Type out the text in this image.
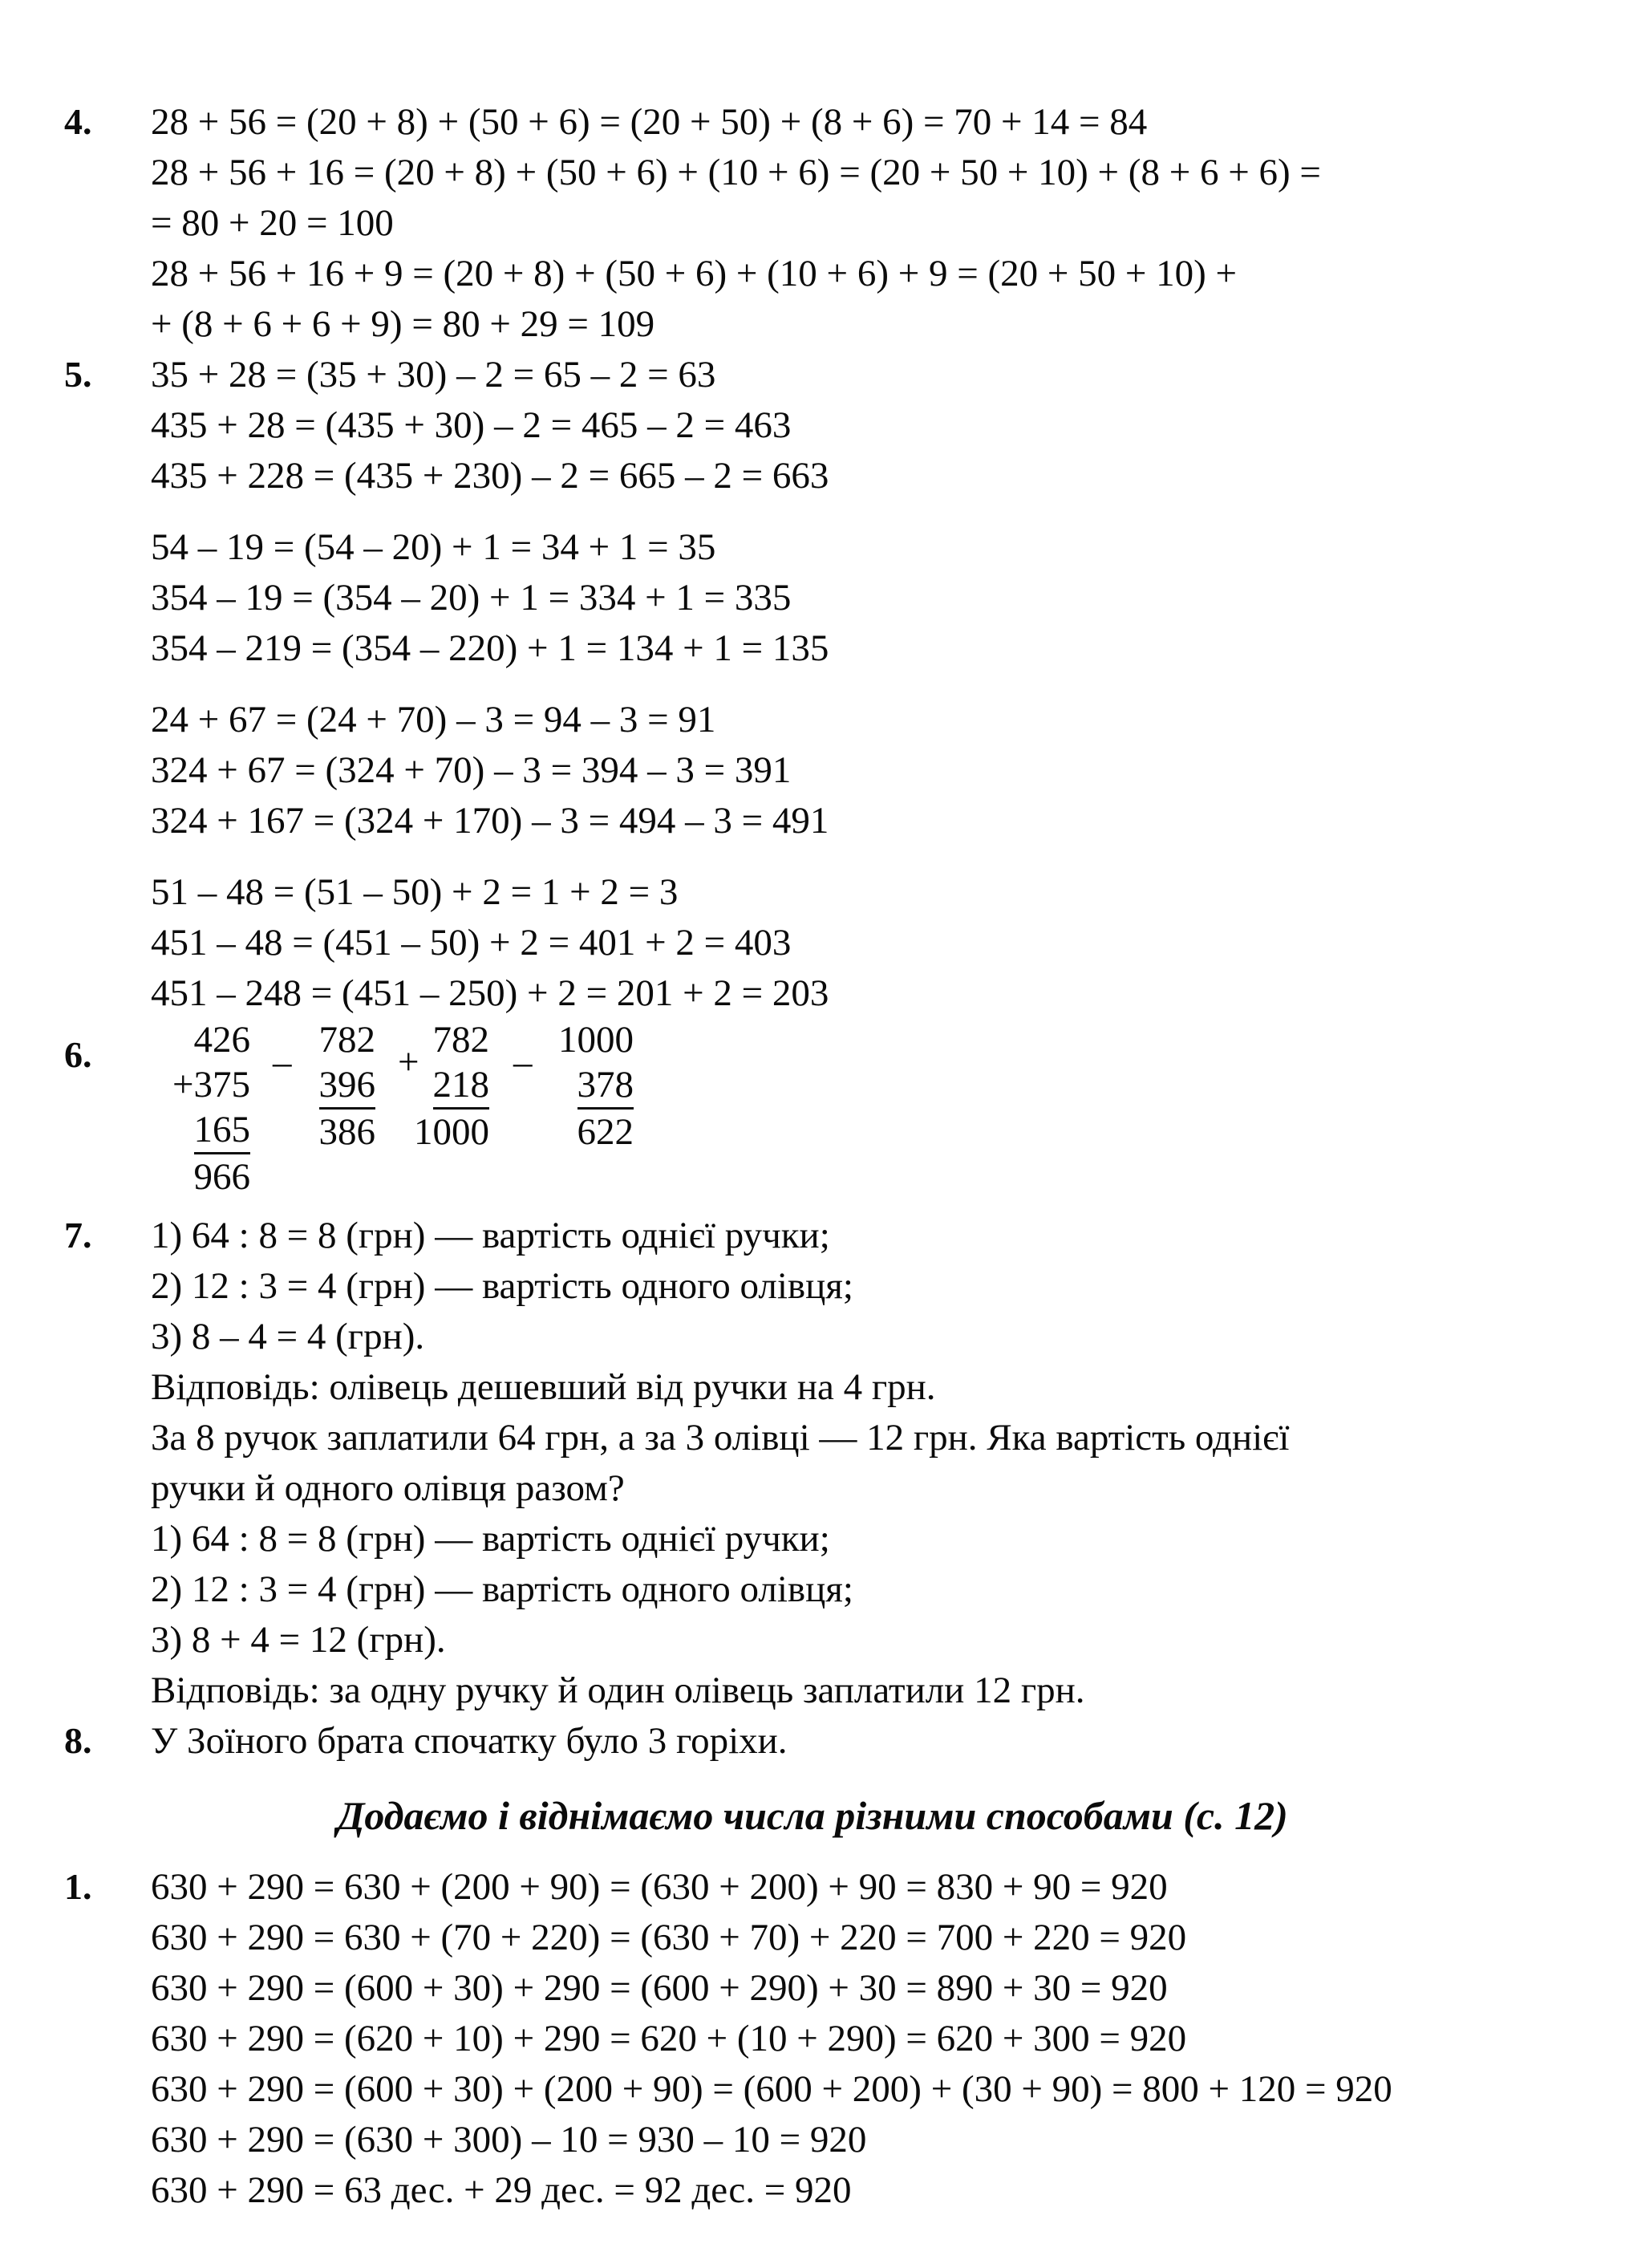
4. 28 + 56 = (20 + 8) + (50 + 6) = (20 + 50) + (8 + 6) = 70 + 14 = 84
28 + 56 + 16 = (20 + 8) + (50 + 6) + (10 + 6) = (20 + 50 + 10) + (8 + 6 + 6) =
= 80 + 20 = 100
28 + 56 + 16 + 9 = (20 + 8) + (50 + 6) + (10 + 6) + 9 = (20 + 50 + 10) +
+ (8 + 6 + 6 + 9) = 80 + 29 = 109
5. 35 + 28 = (35 + 30) – 2 = 65 – 2 = 63
435 + 28 = (435 + 30) – 2 = 465 – 2 = 463
435 + 228 = (435 + 230) – 2 = 665 – 2 = 663
54 – 19 = (54 – 20) + 1 = 34 + 1 = 35
354 – 19 = (354 – 20) + 1 = 334 + 1 = 335
354 – 219 = (354 – 220) + 1 = 134 + 1 = 135
24 + 67 = (24 + 70) – 3 = 94 – 3 = 91
324 + 67 = (324 + 70) – 3 = 394 – 3 = 391
324 + 167 = (324 + 170) – 3 = 494 – 3 = 491
51 – 48 = (51 – 50) + 2 = 1 + 2 = 3
451 – 48 = (451 – 50) + 2 = 401 + 2 = 403
451 – 248 = (451 – 250) + 2 = 201 + 2 = 203
6.	426
+375
165
966
–
782
396
386
+
782
218
1000
–
1000
378
622
7. 1) 64 : 8 = 8 (грн) — вартість однієї ручки;
2) 12 : 3 = 4 (грн) — вартість одного олівця;
3) 8 – 4 = 4 (грн).
Відповідь: олівець дешевший від ручки на 4 грн.
За 8 ручок заплатили 64 грн, а за 3 олівці — 12 грн. Яка вартість однієї
ручки й одного олівця разом?
1) 64 : 8 = 8 (грн) — вартість однієї ручки;
2) 12 : 3 = 4 (грн) — вартість одного олівця;
3) 8 + 4 = 12 (грн).
Відповідь: за одну ручку й один олівець заплатили 12 грн.
8. У Зоїного брата спочатку було 3 горіхи.
Додаємо і віднімаємо числа різними способами (с. 12)
1. 630 + 290 = 630 + (200 + 90) = (630 + 200) + 90 = 830 + 90 = 920
630 + 290 = 630 + (70 + 220) = (630 + 70) + 220 = 700 + 220 = 920
630 + 290 = (600 + 30) + 290 = (600 + 290) + 30 = 890 + 30 = 920
630 + 290 = (620 + 10) + 290 = 620 + (10 + 290) = 620 + 300 = 920
630 + 290 = (600 + 30) + (200 + 90) = (600 + 200) + (30 + 90) = 800 + 120 = 920
630 + 290 = (630 + 300) – 10 = 930 – 10 = 920
630 + 290 = 63 дес. + 29 дес. = 92 дес. = 920
